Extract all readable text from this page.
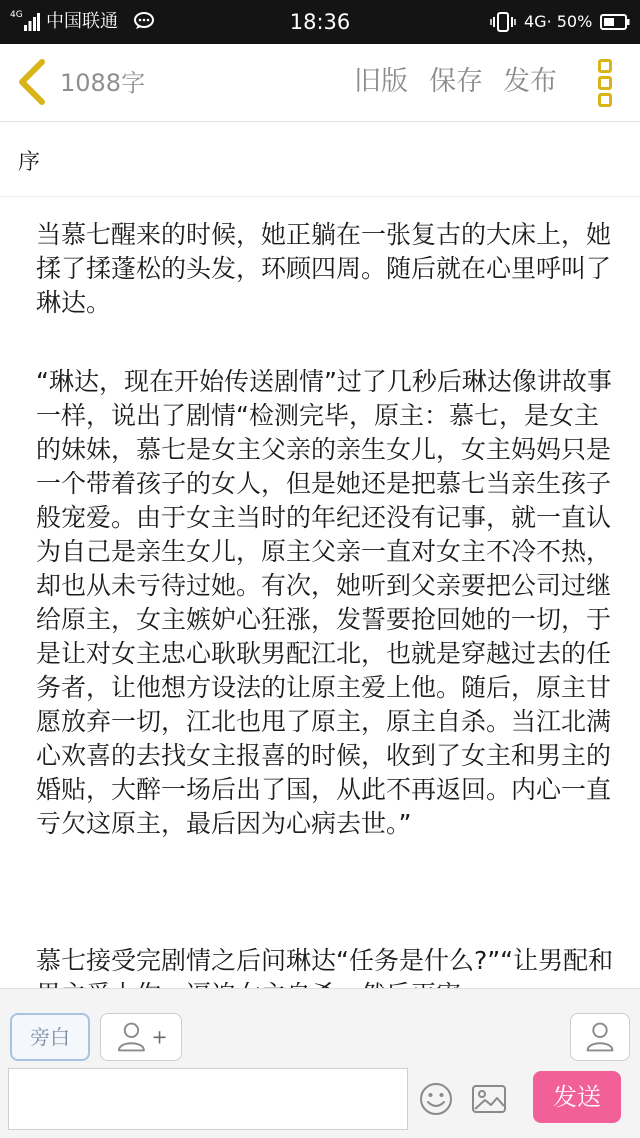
4G 中国联通	18:36	4G· 50%
1088字	旧版 保存 发布
序

当慕七醒来的时候，她正躺在一张复古的大床上，她揉了揉蓬松的头发，环顾四周。随后就在心里呼叫了琳达。

“琳达，现在开始传送剧情”过了几秒后琳达像讲故事一样，说出了剧情“检测完毕，原主：慕七，是女主的妹妹，慕七是女主父亲的亲生女儿，女主妈妈只是一个带着孩子的女人，但是她还是把慕七当亲生孩子般宠爱。由于女主当时的年纪还没有记事，就一直认为自己是亲生女儿，原主父亲一直对女主不冷不热，却也从未亏待过她。有次，她听到父亲要把公司过继给原主，女主嫉妒心狂涨，发誓要抢回她的一切，于是让对女主忠心耿耿男配江北，也就是穿越过去的任务者，让他想方设法的让原主爱上他。随后，原主甘愿放弃一切，江北也甩了原主，原主自杀。当江北满心欢喜的去找女主报喜的时候，收到了女主和男主的婚贴，大醉一场后出了国，从此不再返回。内心一直亏欠这原主，最后因为心病去世。”

慕七接受完剧情之后问琳达“任务是什么?”“让男配和

旁白	+
发送
